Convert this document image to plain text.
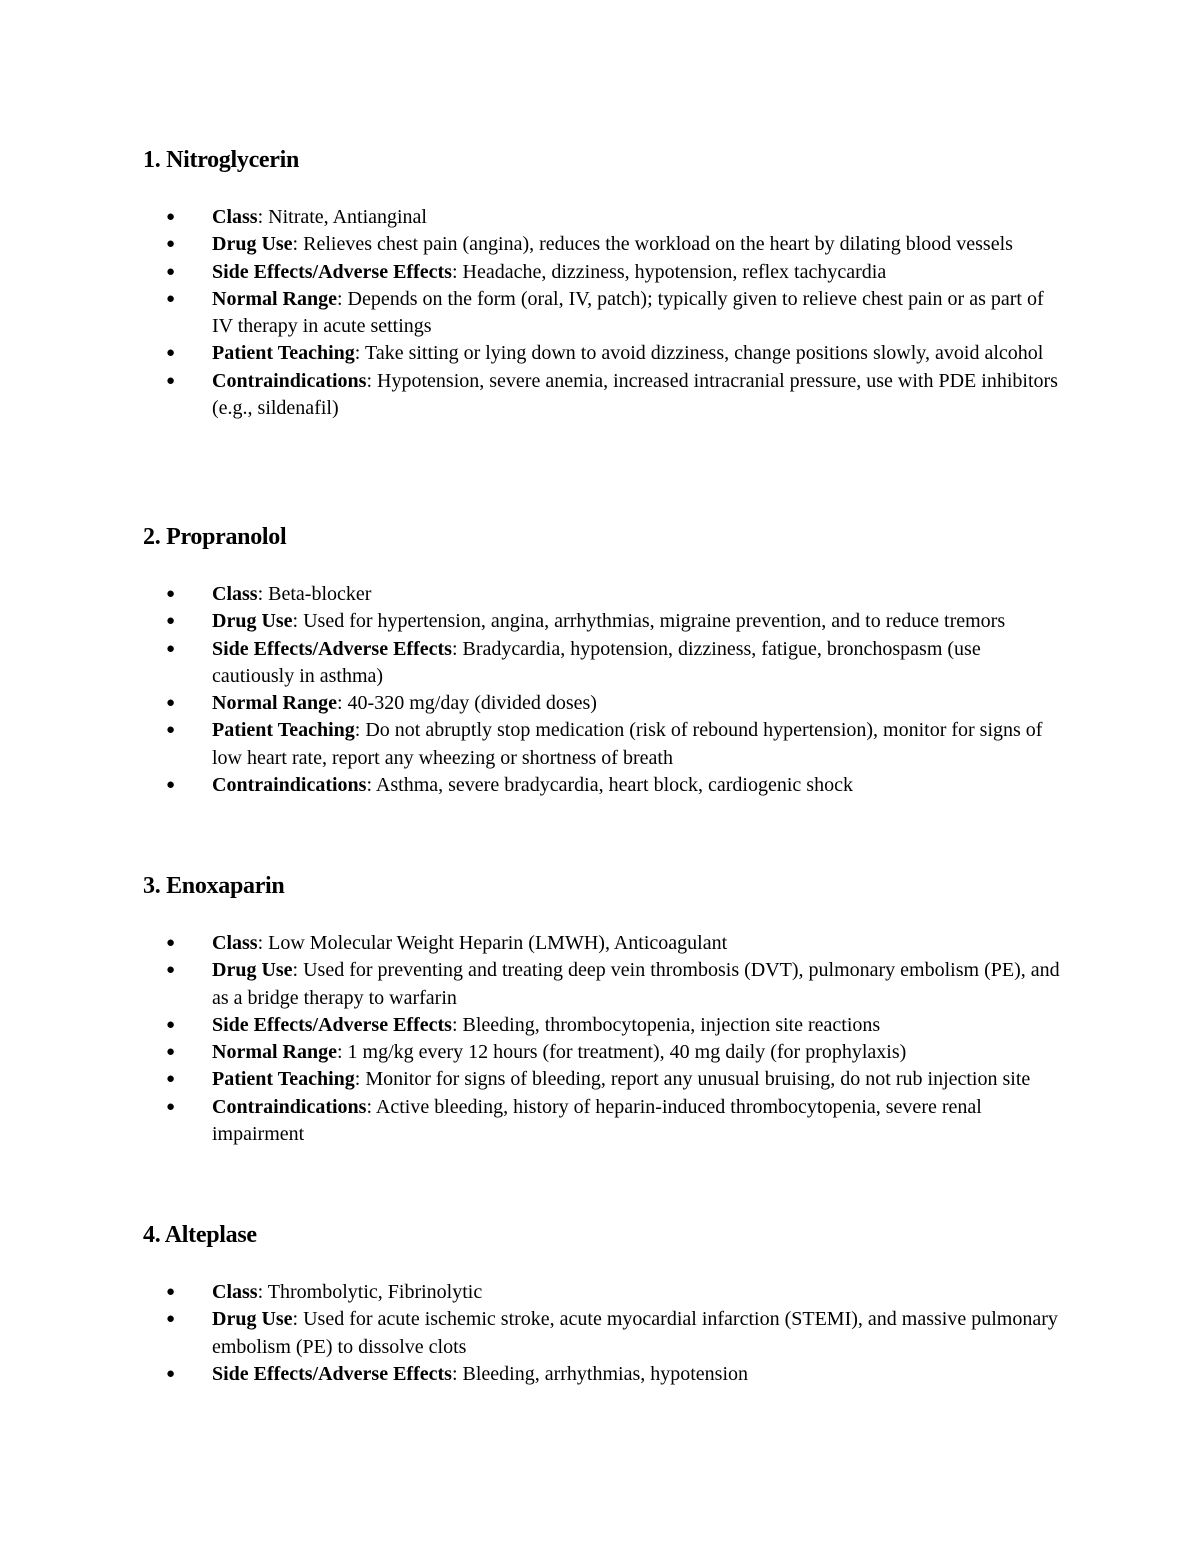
1. Nitroglycerin
● Class: Nitrate, Antianginal
● Drug Use: Relieves chest pain (angina), reduces the workload on the heart by dilating blood vessels
● Side Effects/Adverse Effects: Headache, dizziness, hypotension, reflex tachycardia
● Normal Range: Depends on the form (oral, IV, patch); typically given to relieve chest pain or as part of IV therapy in acute settings
● Patient Teaching: Take sitting or lying down to avoid dizziness, change positions slowly, avoid alcohol
● Contraindications: Hypotension, severe anemia, increased intracranial pressure, use with PDE inhibitors (e.g., sildenafil)
2. Propranolol
● Class: Beta-blocker
● Drug Use: Used for hypertension, angina, arrhythmias, migraine prevention, and to reduce tremors
● Side Effects/Adverse Effects: Bradycardia, hypotension, dizziness, fatigue, bronchospasm (use cautiously in asthma)
● Normal Range: 40-320 mg/day (divided doses)
● Patient Teaching: Do not abruptly stop medication (risk of rebound hypertension), monitor for signs of low heart rate, report any wheezing or shortness of breath
● Contraindications: Asthma, severe bradycardia, heart block, cardiogenic shock
3. Enoxaparin
● Class: Low Molecular Weight Heparin (LMWH), Anticoagulant
● Drug Use: Used for preventing and treating deep vein thrombosis (DVT), pulmonary embolism (PE), and as a bridge therapy to warfarin
● Side Effects/Adverse Effects: Bleeding, thrombocytopenia, injection site reactions
● Normal Range: 1 mg/kg every 12 hours (for treatment), 40 mg daily (for prophylaxis)
● Patient Teaching: Monitor for signs of bleeding, report any unusual bruising, do not rub injection site
● Contraindications: Active bleeding, history of heparin-induced thrombocytopenia, severe renal impairment
4. Alteplase
● Class: Thrombolytic, Fibrinolytic
● Drug Use: Used for acute ischemic stroke, acute myocardial infarction (STEMI), and massive pulmonary embolism (PE) to dissolve clots
● Side Effects/Adverse Effects: Bleeding, arrhythmias, hypotension
